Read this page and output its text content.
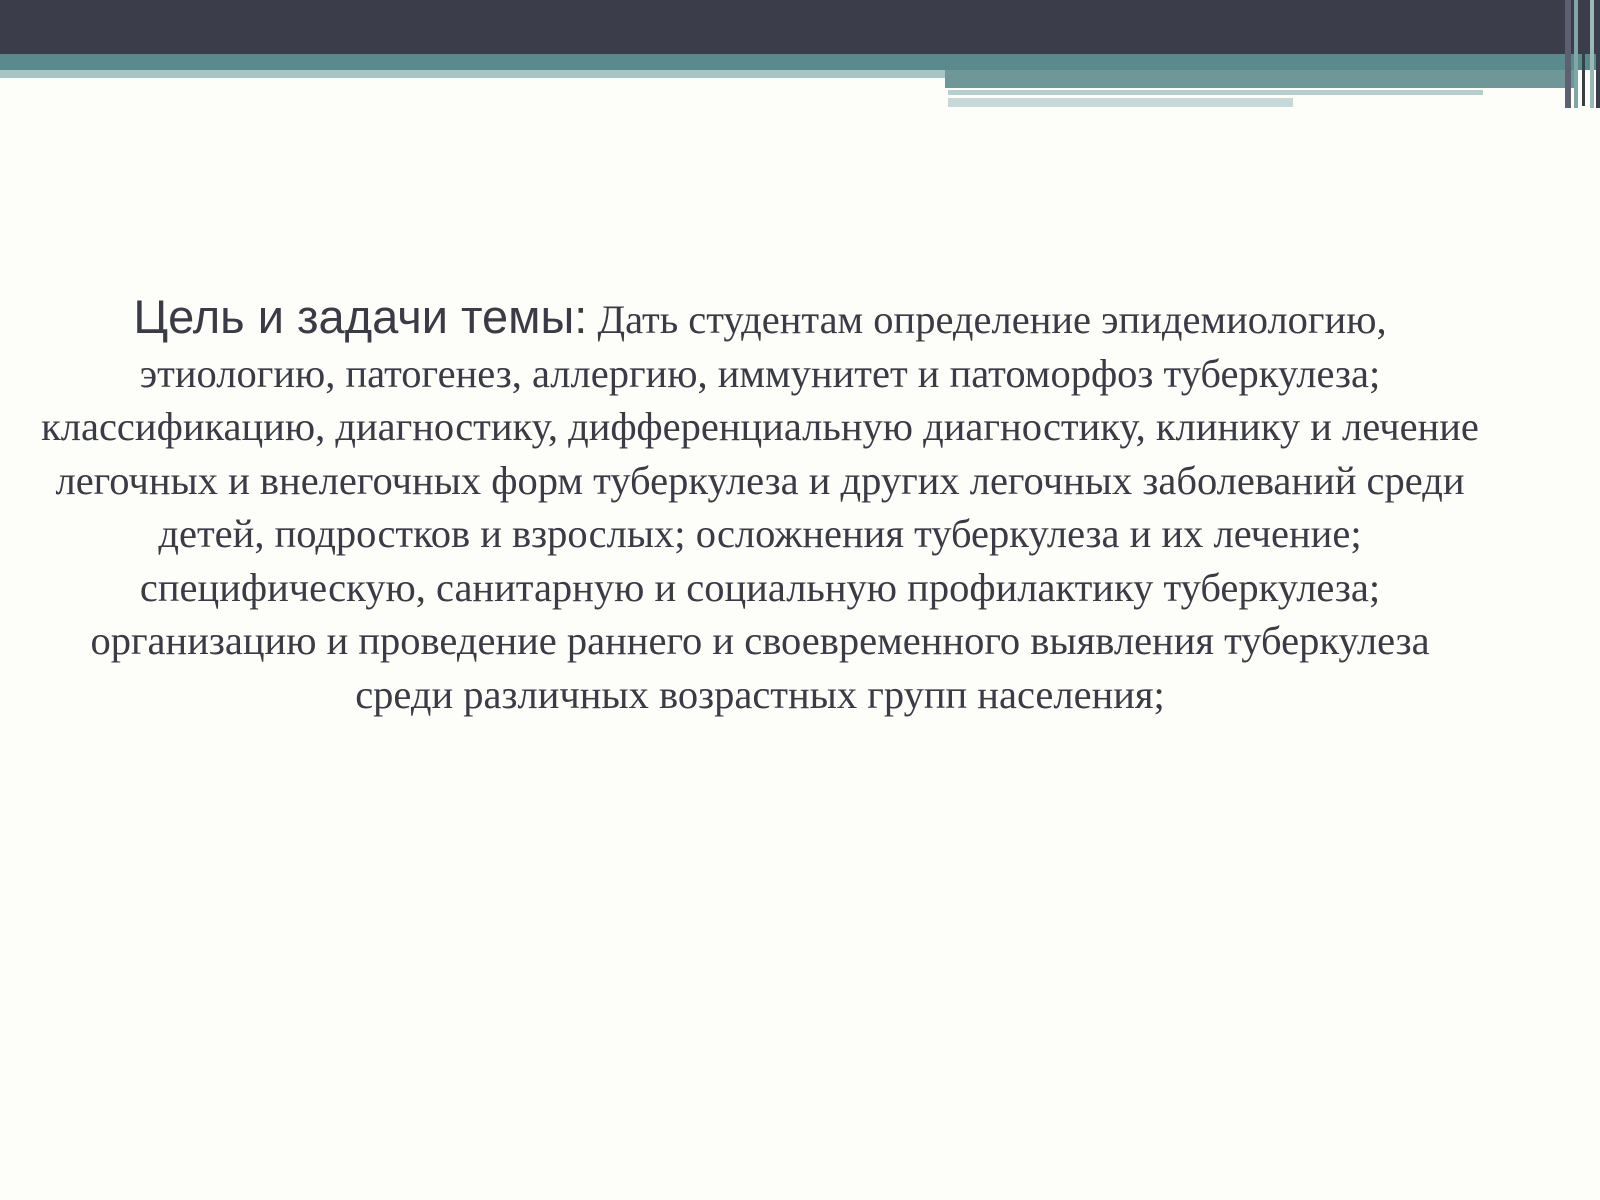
Цель и задачи темы: Дать студентам определение эпидемиологию, этиологию, патогенез, аллергию, иммунитет и патоморфоз туберкулеза; классификацию, диагностику, дифференциальную диагностику, клинику и лечение легочных и внелегочных форм туберкулеза и других легочных заболеваний среди детей, подростков и взрослых; осложнения туберкулеза и их лечение; специфическую, санитарную и социальную профилактику туберкулеза; организацию и проведение раннего и своевременного выявления туберкулеза среди различных возрастных групп населения;
